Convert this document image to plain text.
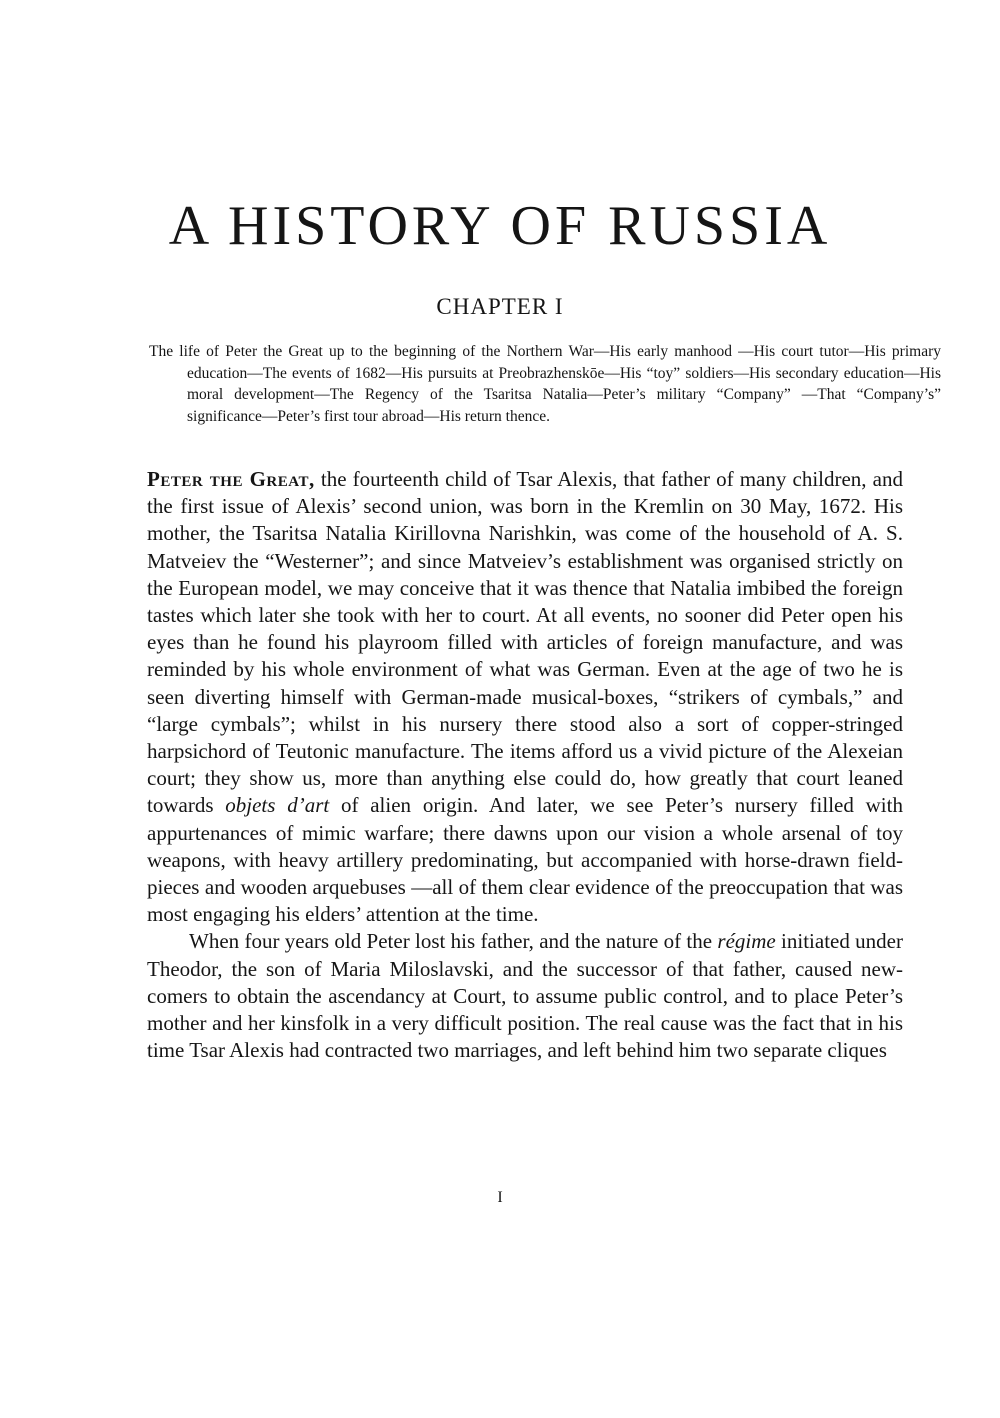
A HISTORY OF RUSSIA
CHAPTER I

The life of Peter the Great up to the beginning of the Northern War—His early manhood —His court tutor—His primary education—The events of 1682—His pursuits at Preobrazhenskōe—His “toy” soldiers—His secondary education—His moral development—The Regency of the Tsaritsa Natalia—Peter’s military “Company” —That “Company’s” significance—Peter’s first tour abroad—His return thence.

Peter the Great, the fourteenth child of Tsar Alexis, that father of many children, and the first issue of Alexis’ second union, was born in the Kremlin on 30 May, 1672. His mother, the Tsaritsa Natalia Kirillovna Narishkin, was come of the household of A. S. Matveiev the “Westerner”; and since Matveiev’s establishment was organised strictly on the European model, we may conceive that it was thence that Natalia imbibed the foreign tastes which later she took with her to court. At all events, no sooner did Peter open his eyes than he found his playroom filled with articles of foreign manufacture, and was reminded by his whole environment of what was German. Even at the age of two he is seen diverting himself with German-made musical-boxes, “strikers of cymbals,” and “large cymbals”; whilst in his nursery there stood also a sort of copper-stringed harpsichord of Teutonic manufacture. The items afford us a vivid picture of the Alexeian court; they show us, more than anything else could do, how greatly that court leaned towards objets d’art of alien origin. And later, we see Peter’s nursery filled with appurtenances of mimic warfare; there dawns upon our vision a whole arsenal of toy weapons, with heavy artillery predominating, but accompanied with horse-drawn field-pieces and wooden arquebuses —all of them clear evidence of the preoccupation that was most engaging his elders’ attention at the time.

When four years old Peter lost his father, and the nature of the régime initiated under Theodor, the son of Maria Miloslavski, and the successor of that father, caused new-comers to obtain the ascendancy at Court, to assume public control, and to place Peter’s mother and her kinsfolk in a very difficult position. The real cause was the fact that in his time Tsar Alexis had contracted two marriages, and left behind him two separate cliques

I
